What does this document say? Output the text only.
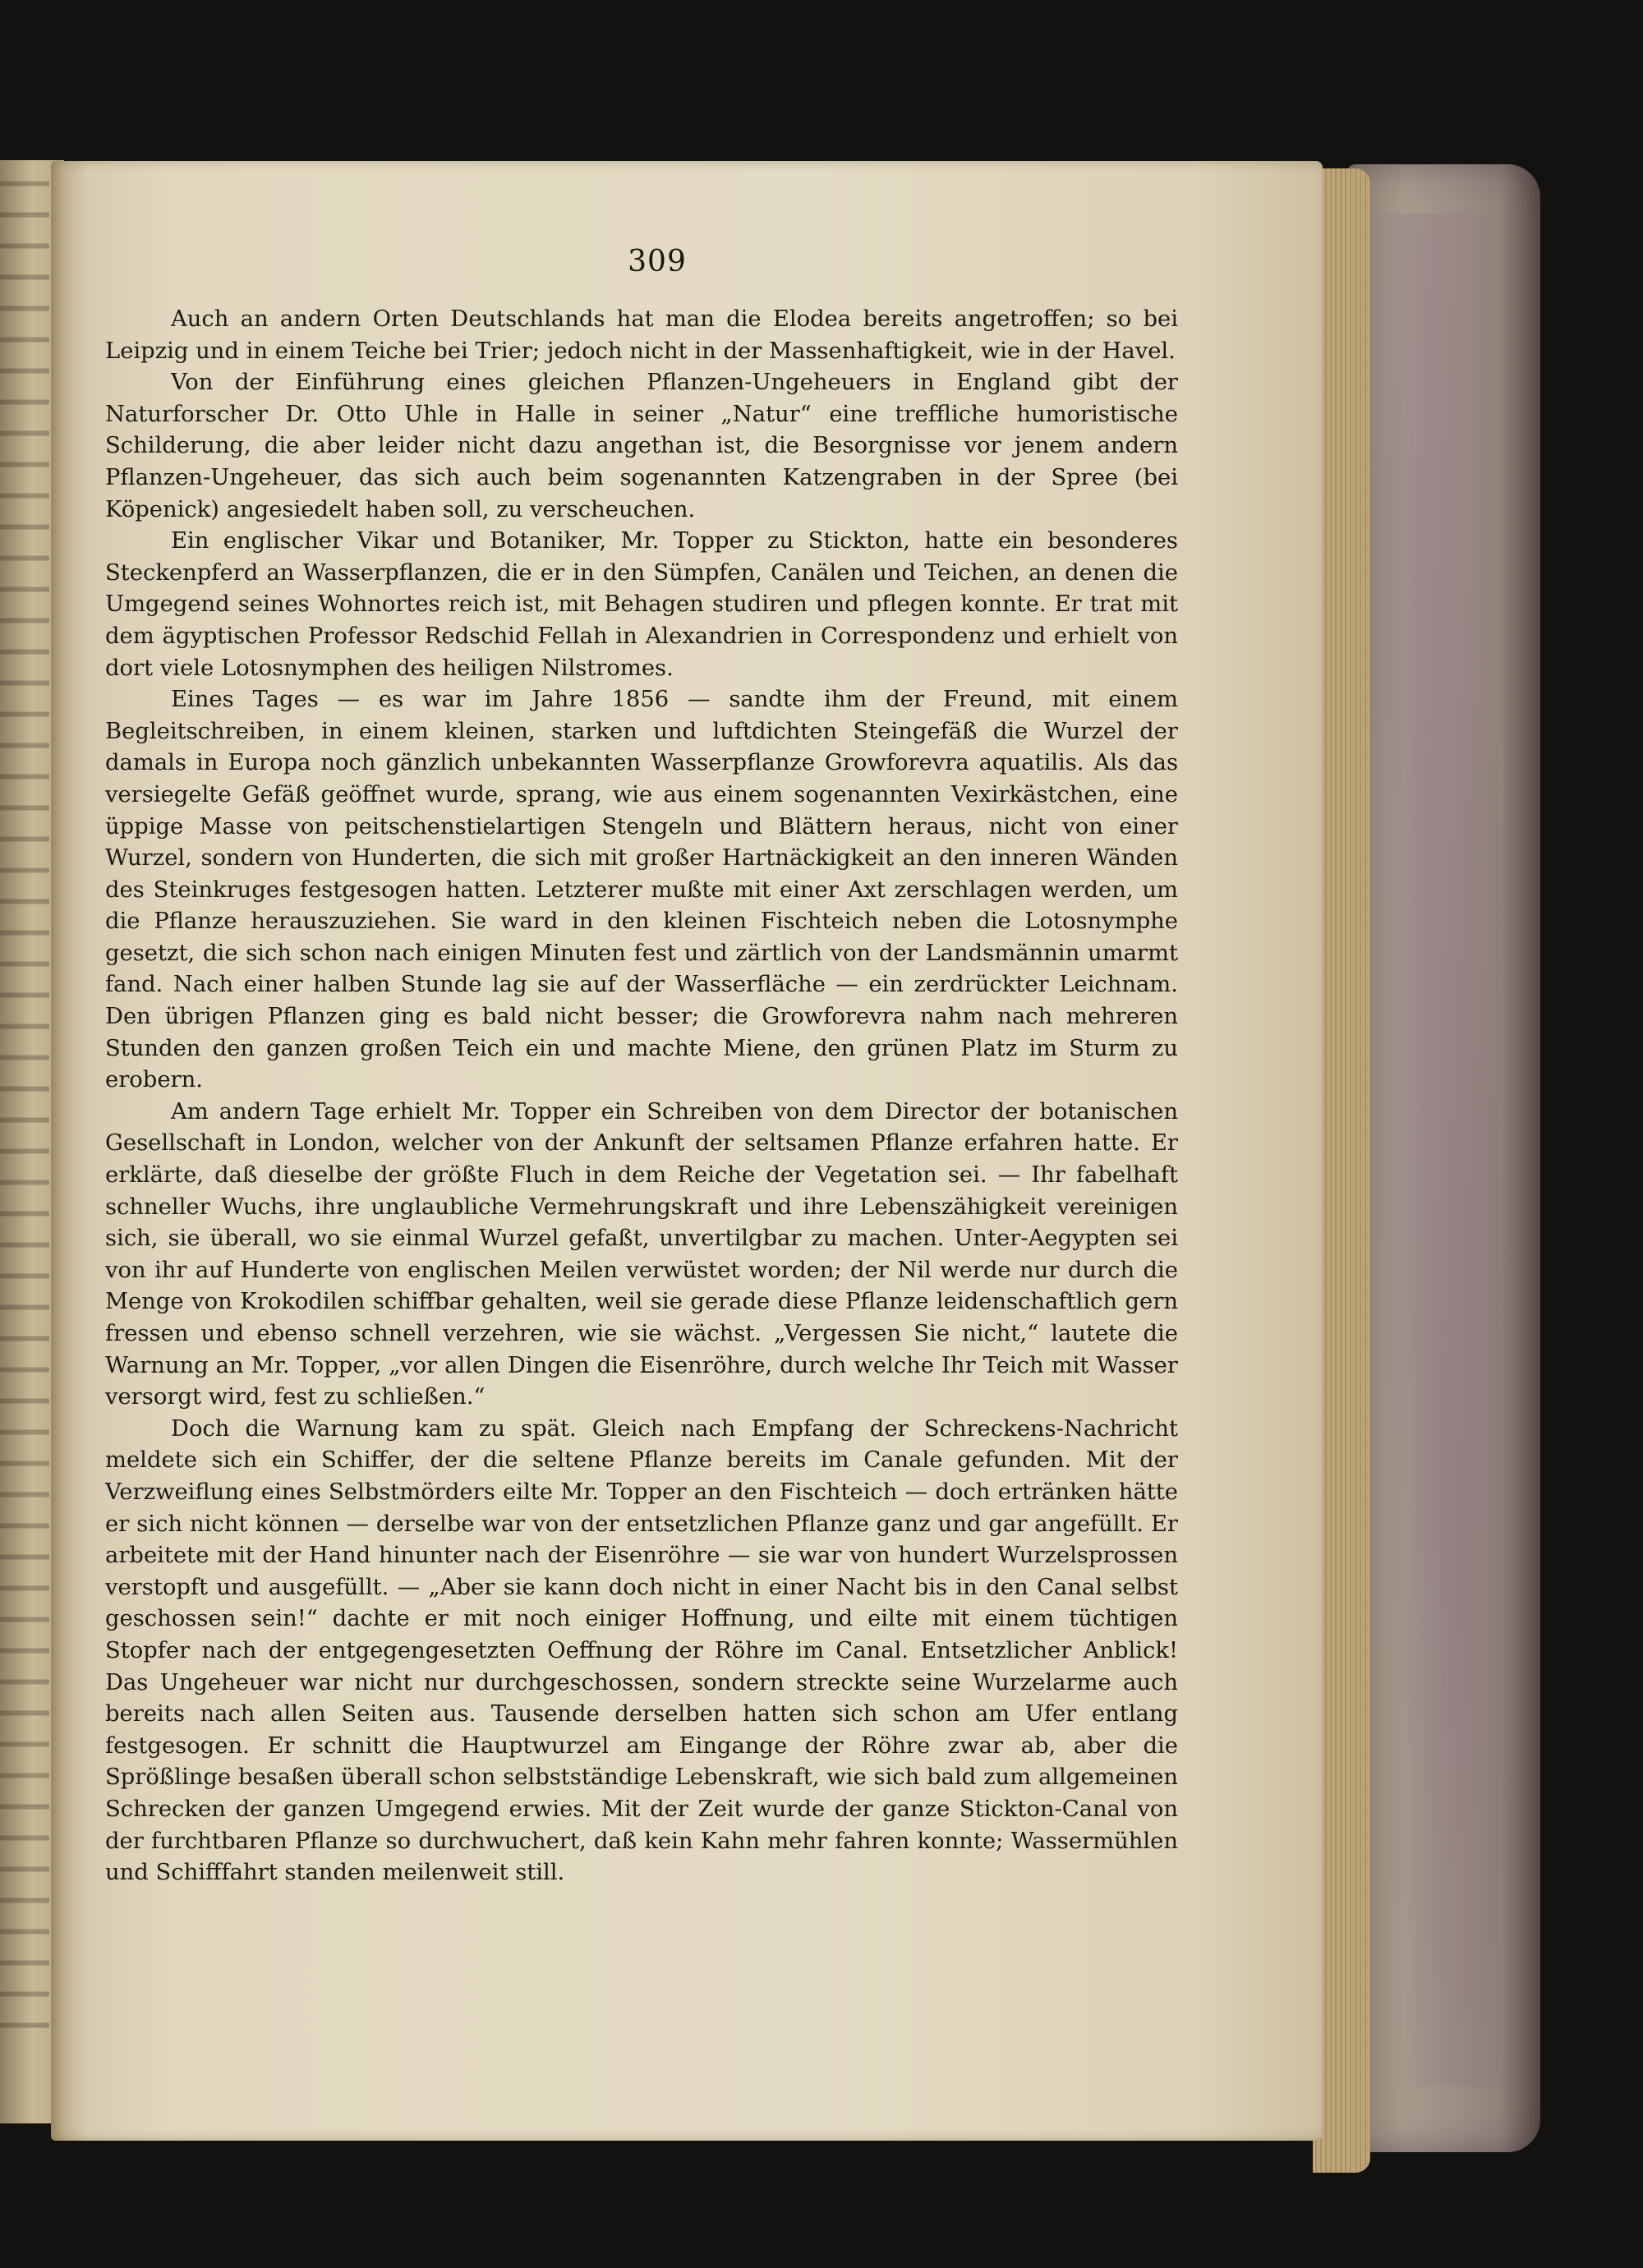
309

Auch an andern Orten Deutschlands hat man die Elodea bereits angetroffen; so bei Leipzig und in einem Teiche bei Trier; jedoch nicht in der Massenhaftigkeit, wie in der Havel.

Von der Einführung eines gleichen Pflanzen-Ungeheuers in England gibt der Naturforscher Dr. Otto Uhle in Halle in seiner „Natur“ eine treffliche humoristische Schilderung, die aber leider nicht dazu angethan ist, die Besorgnisse vor jenem andern Pflanzen-Ungeheuer, das sich auch beim sogenannten Katzengraben in der Spree (bei Köpenick) angesiedelt haben soll, zu verscheuchen.

Ein englischer Vikar und Botaniker, Mr. Topper zu Stickton, hatte ein besonderes Steckenpferd an Wasserpflanzen, die er in den Sümpfen, Canälen und Teichen, an denen die Umgegend seines Wohnortes reich ist, mit Behagen studiren und pflegen konnte. Er trat mit dem ägyptischen Professor Redschid Fellah in Alexandrien in Correspondenz und erhielt von dort viele Lotosnymphen des heiligen Nilstromes.

Eines Tages — es war im Jahre 1856 — sandte ihm der Freund, mit einem Begleitschreiben, in einem kleinen, starken und luftdichten Steingefäß die Wurzel der damals in Europa noch gänzlich unbekannten Wasserpflanze Growforevra aquatilis. Als das versiegelte Gefäß geöffnet wurde, sprang, wie aus einem sogenannten Vexirkästchen, eine üppige Masse von peitschenstielartigen Stengeln und Blättern heraus, nicht von einer Wurzel, sondern von Hunderten, die sich mit großer Hartnäckigkeit an den inneren Wänden des Steinkruges festgesogen hatten. Letzterer mußte mit einer Axt zerschlagen werden, um die Pflanze herauszuziehen. Sie ward in den kleinen Fischteich neben die Lotosnymphe gesetzt, die sich schon nach einigen Minuten fest und zärtlich von der Landsmännin umarmt fand. Nach einer halben Stunde lag sie auf der Wasserfläche — ein zerdrückter Leichnam. Den übrigen Pflanzen ging es bald nicht besser; die Growforevra nahm nach mehreren Stunden den ganzen großen Teich ein und machte Miene, den grünen Platz im Sturm zu erobern.

Am andern Tage erhielt Mr. Topper ein Schreiben von dem Director der botanischen Gesellschaft in London, welcher von der Ankunft der seltsamen Pflanze erfahren hatte. Er erklärte, daß dieselbe der größte Fluch in dem Reiche der Vegetation sei. — Ihr fabelhaft schneller Wuchs, ihre unglaubliche Vermehrungskraft und ihre Lebenszähigkeit vereinigen sich, sie überall, wo sie einmal Wurzel gefaßt, unvertilgbar zu machen. Unter-Aegypten sei von ihr auf Hunderte von englischen Meilen verwüstet worden; der Nil werde nur durch die Menge von Krokodilen schiffbar gehalten, weil sie gerade diese Pflanze leidenschaftlich gern fressen und ebenso schnell verzehren, wie sie wächst. „Vergessen Sie nicht,“ lautete die Warnung an Mr. Topper, „vor allen Dingen die Eisenröhre, durch welche Ihr Teich mit Wasser versorgt wird, fest zu schließen.“

Doch die Warnung kam zu spät. Gleich nach Empfang der Schreckens-Nachricht meldete sich ein Schiffer, der die seltene Pflanze bereits im Canale gefunden. Mit der Verzweiflung eines Selbstmörders eilte Mr. Topper an den Fischteich — doch ertränken hätte er sich nicht können — derselbe war von der entsetzlichen Pflanze ganz und gar angefüllt. Er arbeitete mit der Hand hinunter nach der Eisenröhre — sie war von hundert Wurzelsprossen verstopft und ausgefüllt. — „Aber sie kann doch nicht in einer Nacht bis in den Canal selbst geschossen sein!“ dachte er mit noch einiger Hoffnung, und eilte mit einem tüchtigen Stopfer nach der entgegengesetzten Oeffnung der Röhre im Canal. Entsetzlicher Anblick! Das Ungeheuer war nicht nur durchgeschossen, sondern streckte seine Wurzelarme auch bereits nach allen Seiten aus. Tausende derselben hatten sich schon am Ufer entlang festgesogen. Er schnitt die Hauptwurzel am Eingange der Röhre zwar ab, aber die Sprößlinge besaßen überall schon selbstständige Lebenskraft, wie sich bald zum allgemeinen Schrecken der ganzen Umgegend erwies. Mit der Zeit wurde der ganze Stickton-Canal von der furchtbaren Pflanze so durchwuchert, daß kein Kahn mehr fahren konnte; Wassermühlen und Schifffahrt standen meilenweit still.
